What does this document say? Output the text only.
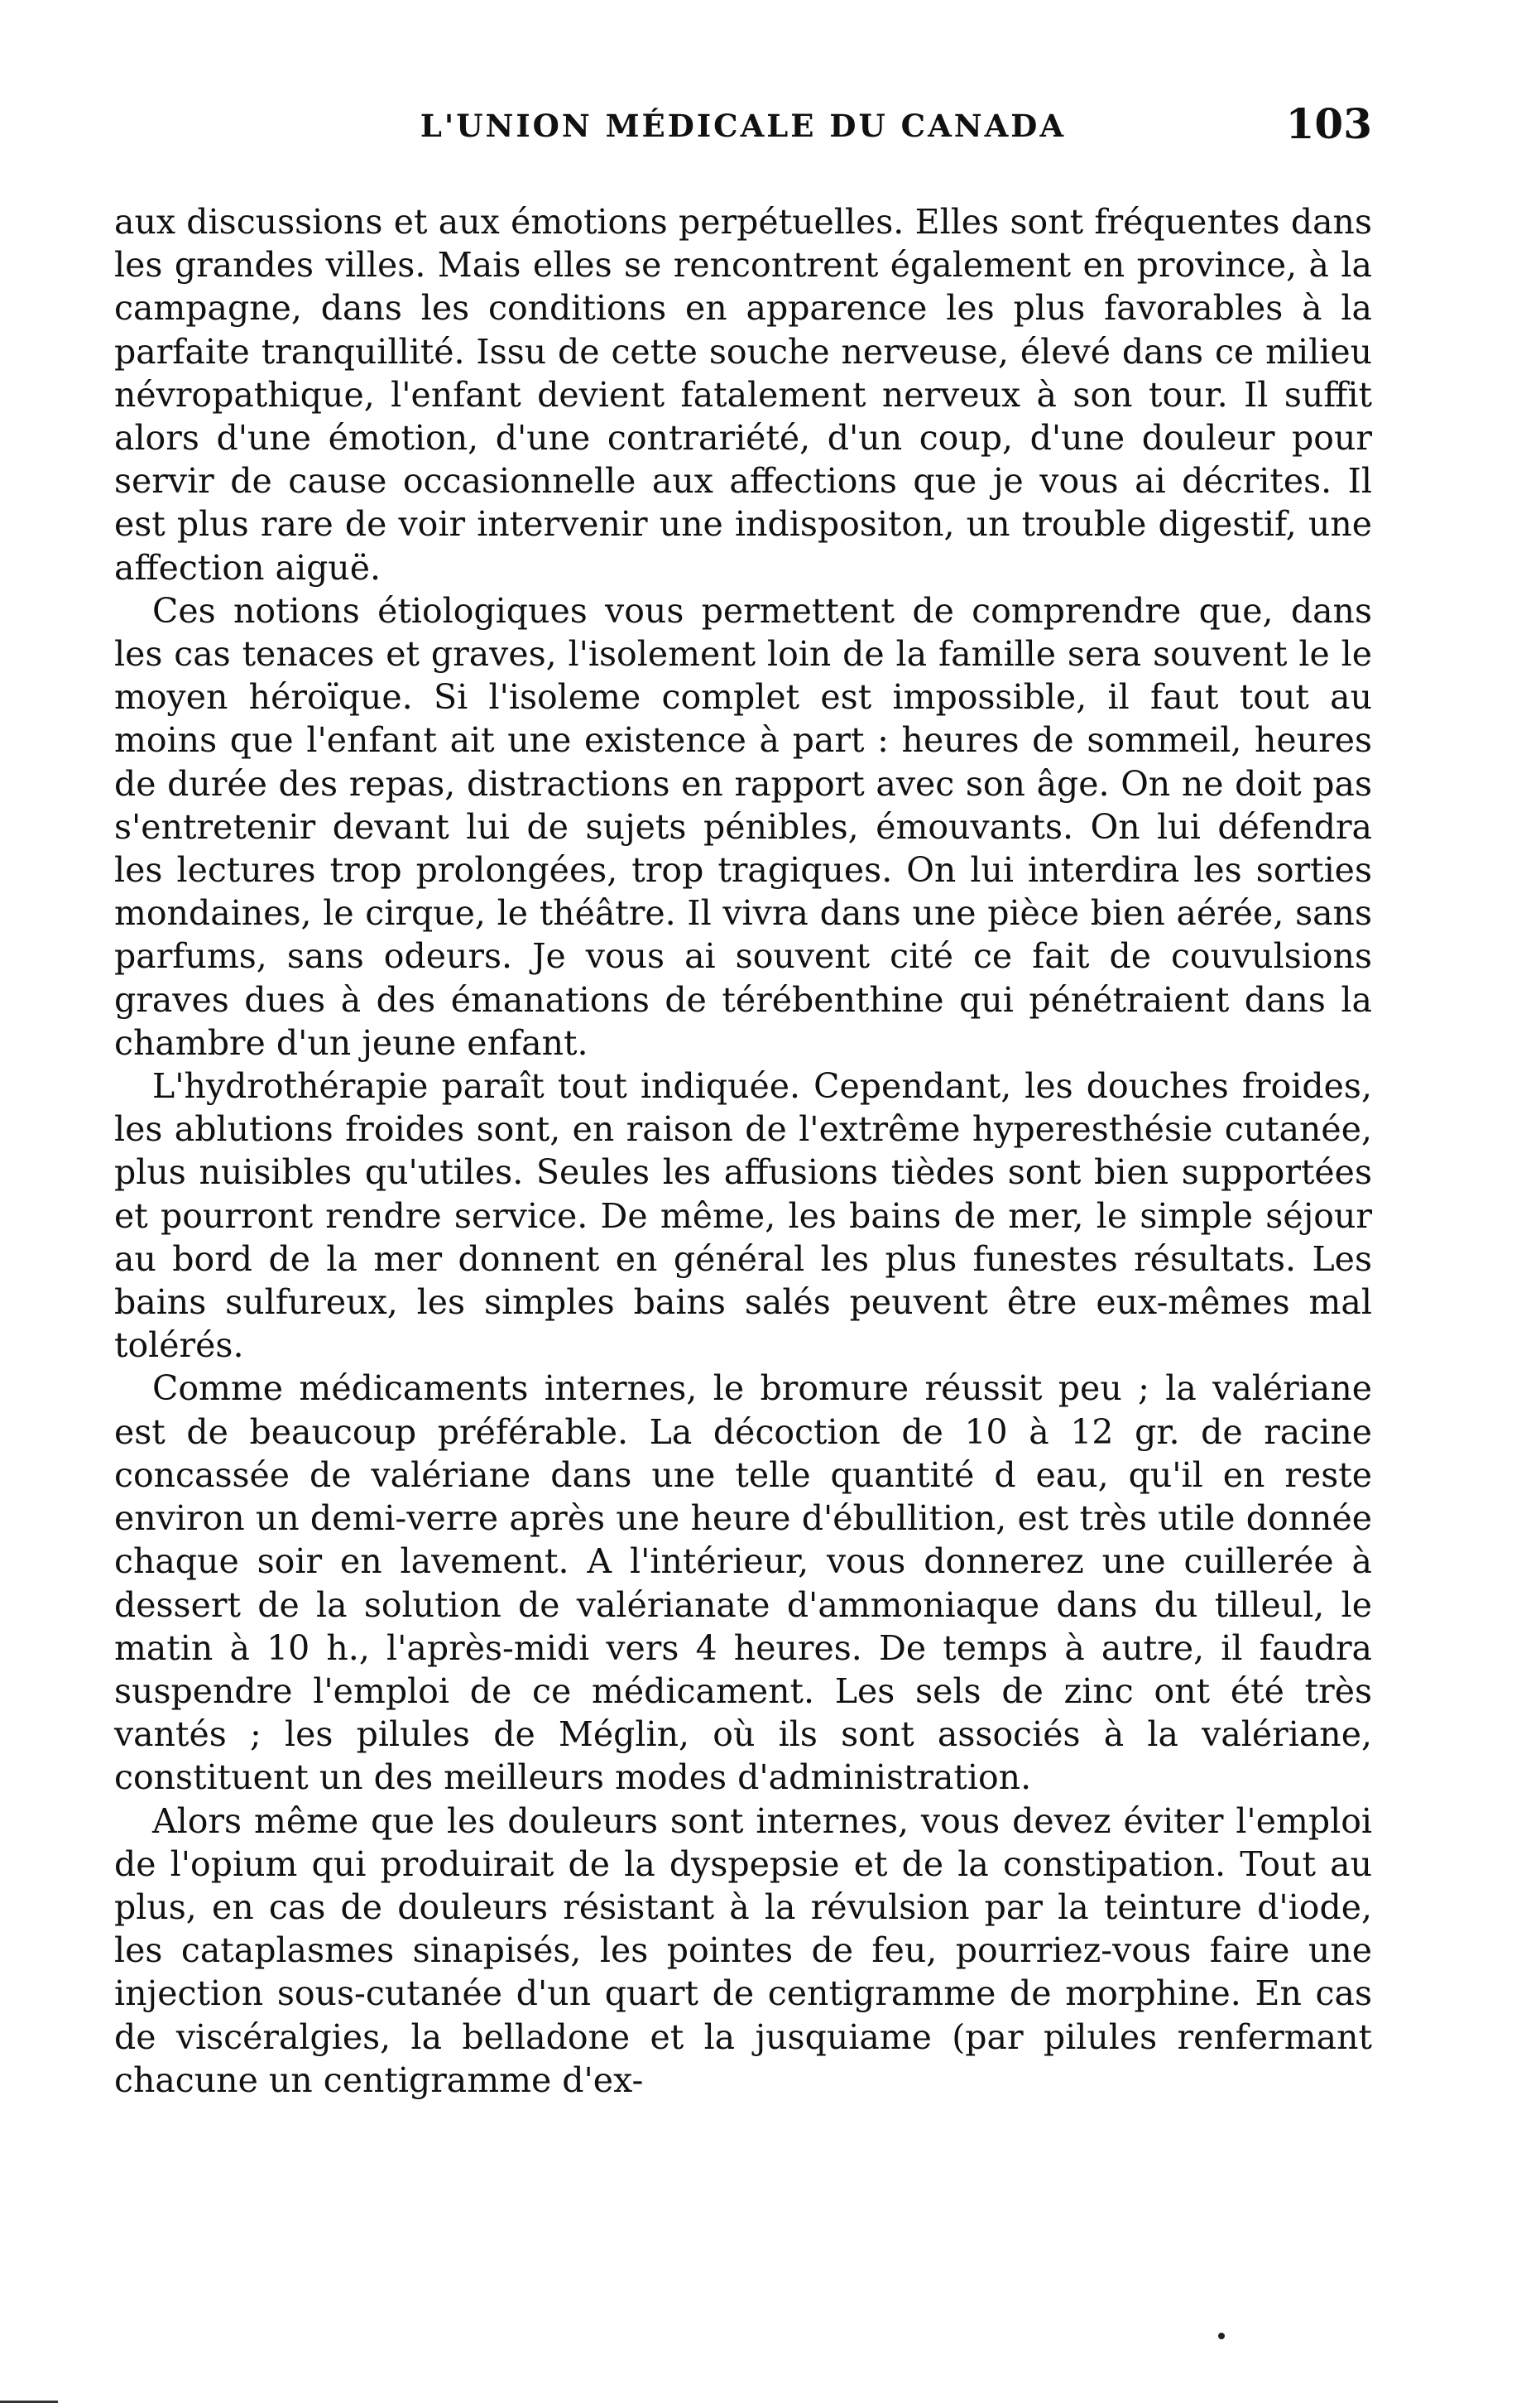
L'UNION MÉDICALE DU CANADA	103

aux discussions et aux émotions perpétuelles. Elles sont fréquentes dans les grandes villes. Mais elles se rencontrent également en province, à la campagne, dans les conditions en apparence les plus favorables à la parfaite tranquillité. Issu de cette souche nerveuse, élevé dans ce milieu névropathique, l'enfant devient fatalement nerveux à son tour. Il suffit alors d'une émotion, d'une contrariété, d'un coup, d'une douleur pour servir de cause occasionnelle aux affections que je vous ai décrites. Il est plus rare de voir intervenir une indispositon, un trouble digestif, une affection aiguë.

Ces notions étiologiques vous permettent de comprendre que, dans les cas tenaces et graves, l'isolement loin de la famille sera souvent le le moyen héroïque. Si l'isoleme complet est impossible, il faut tout au moins que l'enfant ait une existence à part : heures de sommeil, heures de durée des repas, distractions en rapport avec son âge. On ne doit pas s'entretenir devant lui de sujets pénibles, émouvants. On lui défendra les lectures trop prolongées, trop tragiques. On lui interdira les sorties mondaines, le cirque, le théâtre. Il vivra dans une pièce bien aérée, sans parfums, sans odeurs. Je vous ai souvent cité ce fait de couvulsions graves dues à des émanations de térébenthine qui pénétraient dans la chambre d'un jeune enfant.

L'hydrothérapie paraît tout indiquée. Cependant, les douches froides, les ablutions froides sont, en raison de l'extrême hyperesthésie cutanée, plus nuisibles qu'utiles. Seules les affusions tièdes sont bien supportées et pourront rendre service. De même, les bains de mer, le simple séjour au bord de la mer donnent en général les plus funestes résultats. Les bains sulfureux, les simples bains salés peuvent être eux-mêmes mal tolérés.

Comme médicaments internes, le bromure réussit peu ; la valériane est de beaucoup préférable. La décoction de 10 à 12 gr. de racine concassée de valériane dans une telle quantité d eau, qu'il en reste environ un demi-verre après une heure d'ébullition, est très utile donnée chaque soir en lavement. A l'intérieur, vous donnerez une cuillerée à dessert de la solution de valérianate d'ammoniaque dans du tilleul, le matin à 10 h., l'après-midi vers 4 heures. De temps à autre, il faudra suspendre l'emploi de ce médicament. Les sels de zinc ont été très vantés ; les pilules de Méglin, où ils sont associés à la valériane, constituent un des meilleurs modes d'administration.

Alors même que les douleurs sont internes, vous devez éviter l'emploi de l'opium qui produirait de la dyspepsie et de la constipation. Tout au plus, en cas de douleurs résistant à la révulsion par la teinture d'iode, les cataplasmes sinapisés, les pointes de feu, pourriez-vous faire une injection sous-cutanée d'un quart de centigramme de morphine. En cas de viscéralgies, la belladone et la jusquiame (par pilules renfermant chacune un centigramme d'ex-
